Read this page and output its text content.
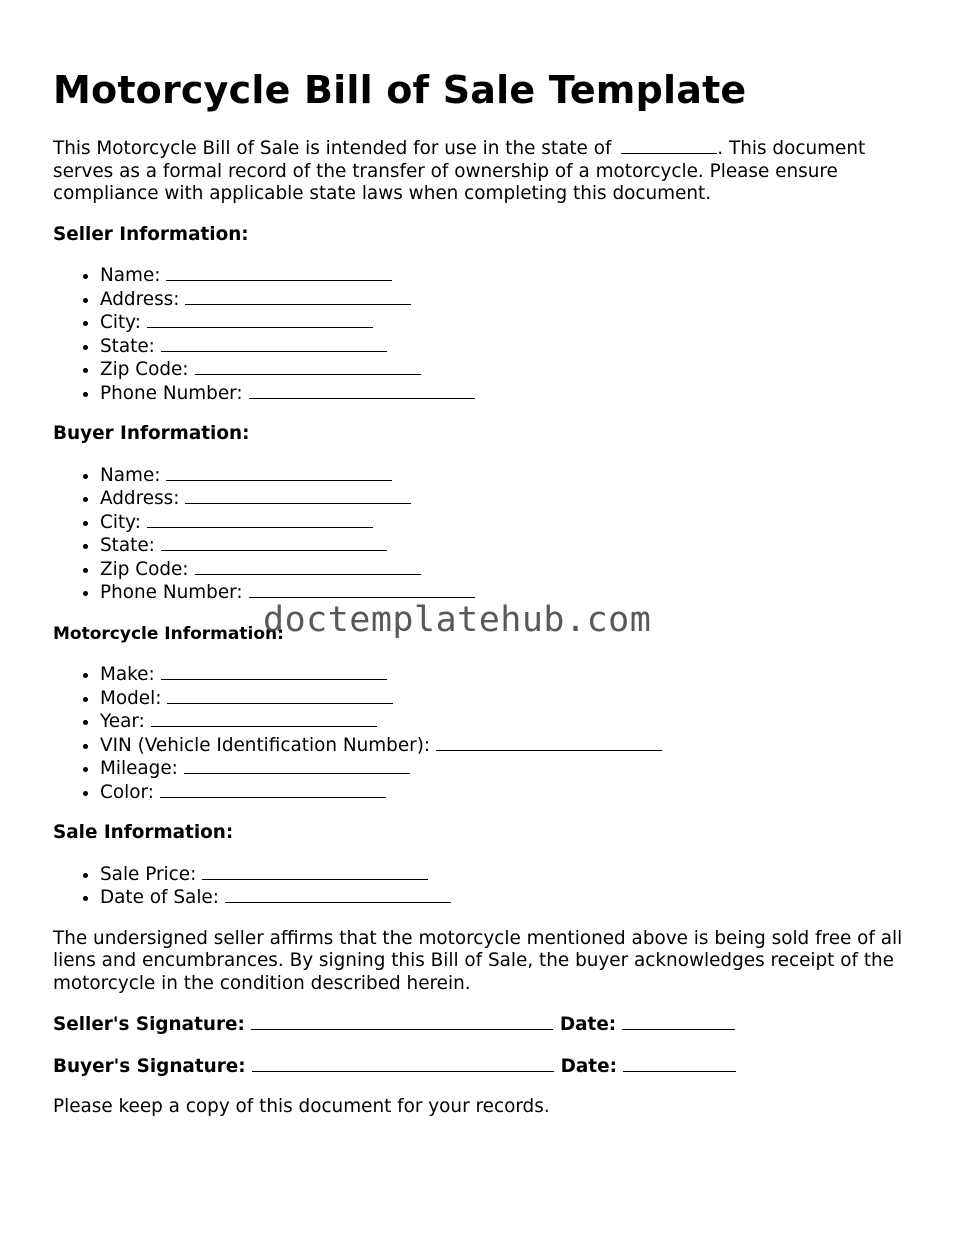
Motorcycle Bill of Sale Template

This Motorcycle Bill of Sale is intended for use in the state of	. This document serves as a formal record of the transfer of ownership of a motorcycle. Please ensure compliance with applicable state laws when completing this document.

Seller Information:
• Name:
• Address:
• City:
• State:
• Zip Code:
• Phone Number:
Buyer Information:
• Name:
• Address:
• City:
• State:
• Zip Code:
• Phone Number:
Motorcycle Information:
• Make:
• Model:
• Year:
• VIN (Vehicle Identification Number):
• Mileage:
• Color:
Sale Information:
• Sale Price:
• Date of Sale:

The undersigned seller affirms that the motorcycle mentioned above is being sold free of all liens and encumbrances. By signing this Bill of Sale, the buyer acknowledges receipt of the motorcycle in the condition described herein.

Seller's Signature:	Date:
Buyer's Signature:	Date:

Please keep a copy of this document for your records.

doctemplatehub.com
